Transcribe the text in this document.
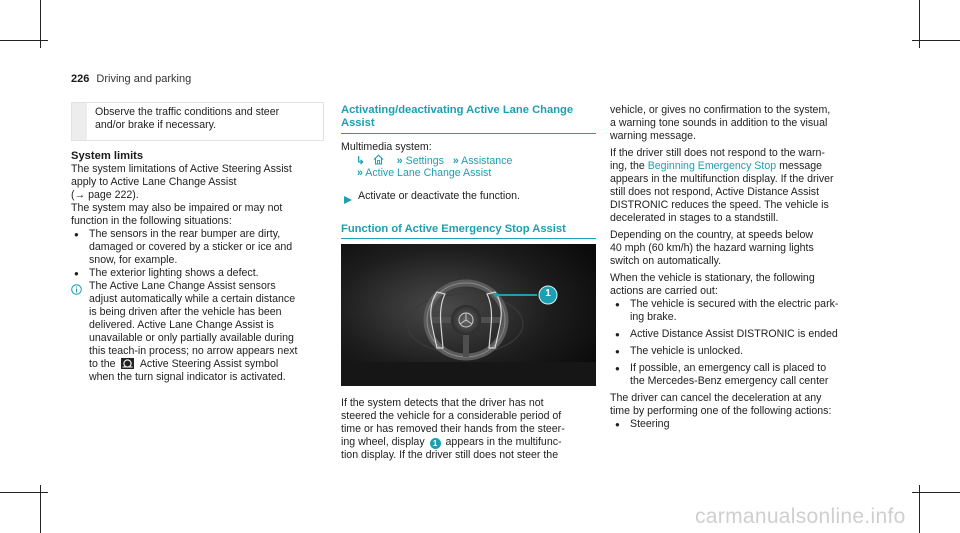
226 Driving and parking
Observe the traffic conditions and steer
and/or brake if necessary.
System limits
The system limitations of Active Steering Assist
apply to Active Lane Change Assist
(→ page 222).
The system may also be impaired or may not
function in the following situations:
● The sensors in the rear bumper are dirty,
damaged or covered by a sticker or ice and
snow, for example.
● The exterior lighting shows a defect.
The Active Lane Change Assist sensors
adjust automatically while a certain distance
is being driven after the vehicle has been
delivered. Active Lane Change Assist is
unavailable or only partially available during
this teach-in process; no arrow appears next
to the Active Steering Assist symbol
when the turn signal indicator is activated.
Activating/deactivating Active Lane Change
Assist
Multimedia system:
↳	» Settings » Assistance
» Active Lane Change Assist
Activate or deactivate the function.
Function of Active Emergency Stop Assist
1
If the system detects that the driver has not
steered the vehicle for a considerable period of
time or has removed their hands from the steer-
ing wheel, display 1 appears in the multifunc-
tion display. If the driver still does not steer the
vehicle, or gives no confirmation to the system,
a warning tone sounds in addition to the visual
warning message.
If the driver still does not respond to the warn-
ing, the Beginning Emergency Stop message
appears in the multifunction display. If the driver
still does not respond, Active Distance Assist
DISTRONIC reduces the speed. The vehicle is
decelerated in stages to a standstill.
Depending on the country, at speeds below
40 mph (60 km/h) the hazard warning lights
switch on automatically.
When the vehicle is stationary, the following
actions are carried out:
● The vehicle is secured with the electric park-
ing brake.
● Active Distance Assist DISTRONIC is ended
● The vehicle is unlocked.
● If possible, an emergency call is placed to
the Mercedes-Benz emergency call center
The driver can cancel the deceleration at any
time by performing one of the following actions:
● Steering
carmanualsonline.info
